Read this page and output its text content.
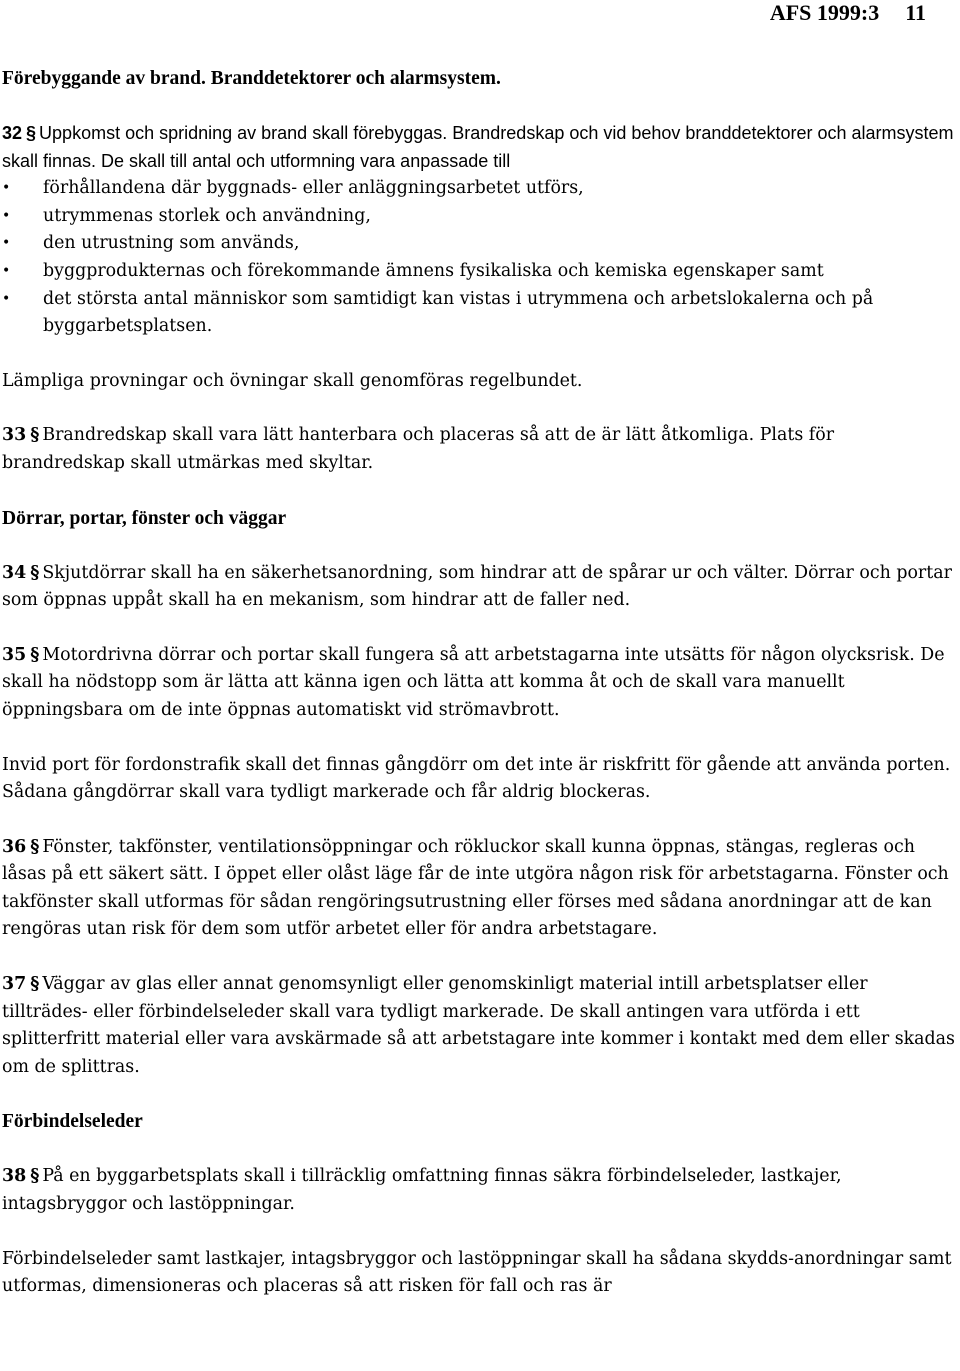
AFS 1999:3 11
Förebyggande av brand. Branddetektorer och alarmsystem.
32 § Uppkomst och spridning av brand skall förebyggas. Brandredskap och vid behov branddetektorer och alarmsystem skall finnas. De skall till antal och utformning vara anpassade till
• förhållandena där byggnads- eller anläggningsarbetet utförs,
• utrymmenas storlek och användning,
• den utrustning som används,
• byggprodukternas och förekommande ämnens fysikaliska och kemiska egenskaper samt
• det största antal människor som samtidigt kan vistas i utrymmena och arbetslokalerna och på byggarbetsplatsen.
Lämpliga provningar och övningar skall genomföras regelbundet.
33 § Brandredskap skall vara lätt hanterbara och placeras så att de är lätt åtkomliga. Plats för brandredskap skall utmärkas med skyltar.
Dörrar, portar, fönster och väggar
34 § Skjutdörrar skall ha en säkerhetsanordning, som hindrar att de spårar ur och välter. Dörrar och portar som öppnas uppåt skall ha en mekanism, som hindrar att de faller ned.
35 § Motordrivna dörrar och portar skall fungera så att arbetstagarna inte utsätts för någon olycksrisk. De skall ha nödstopp som är lätta att känna igen och lätta att komma åt och de skall vara manuellt öppningsbara om de inte öppnas automatiskt vid strömavbrott.
Invid port för fordonstrafik skall det finnas gångdörr om det inte är riskfritt för gående att använda porten. Sådana gångdörrar skall vara tydligt markerade och får aldrig blockeras.
36 § Fönster, takfönster, ventilationsöppningar och rökluckor skall kunna öppnas, stängas, regleras och låsas på ett säkert sätt. I öppet eller olåst läge får de inte utgöra någon risk för arbetstagarna. Fönster och takfönster skall utformas för sådan rengöringsutrustning eller förses med sådana anordningar att de kan rengöras utan risk för dem som utför arbetet eller för andra arbetstagare.
37 § Väggar av glas eller annat genomsynligt eller genomskinligt material intill arbetsplatser eller tillträdes- eller förbindelseleder skall vara tydligt markerade. De skall antingen vara utförda i ett splitterfritt material eller vara avskärmade så att arbetstagare inte kommer i kontakt med dem eller skadas om de splittras.
Förbindelseleder
38 § På en byggarbetsplats skall i tillräcklig omfattning finnas säkra förbindelseleder, lastkajer, intagsbryggor och lastöppningar.
Förbindelseleder samt lastkajer, intagsbryggor och lastöppningar skall ha sådana skydds-anordningar samt utformas, dimensioneras och placeras så att risken för fall och ras är
